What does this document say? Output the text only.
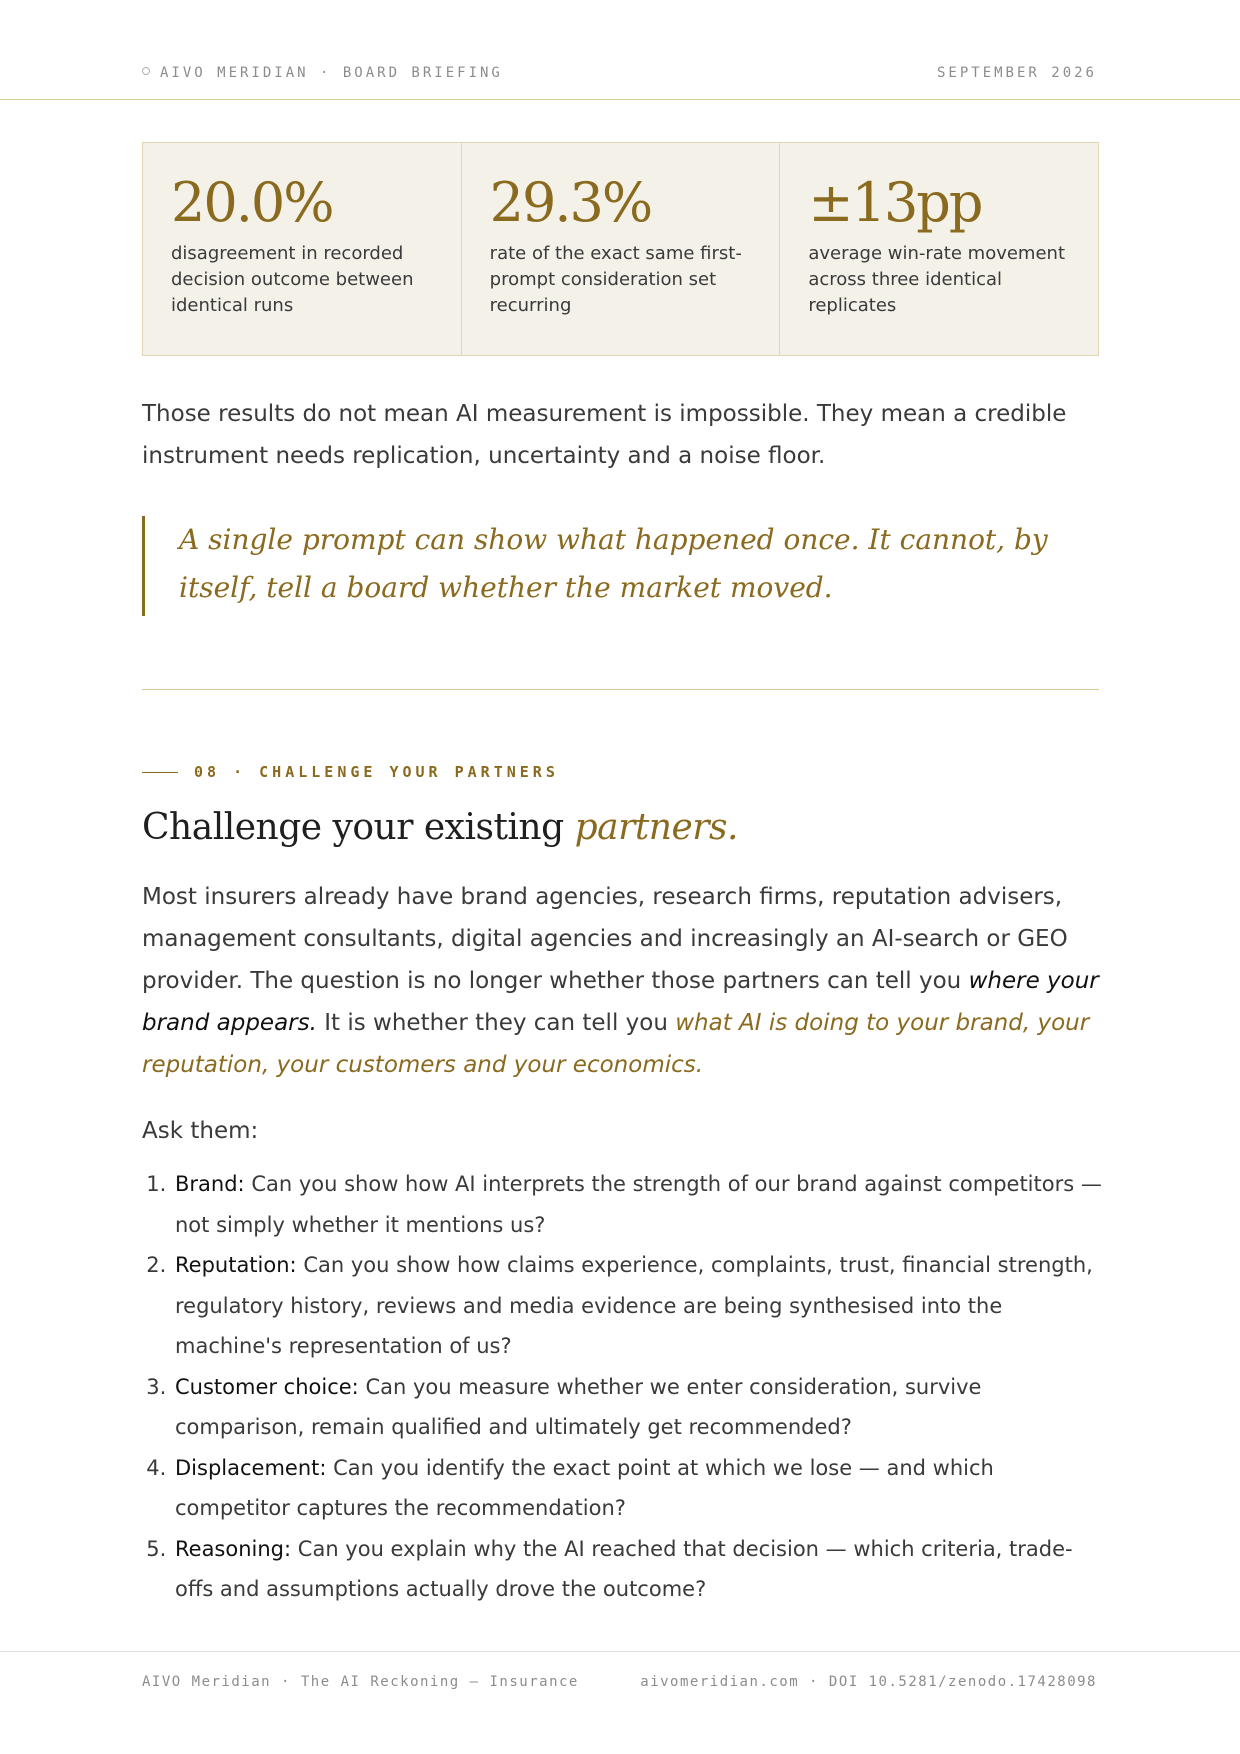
AIVO MERIDIAN · BOARD BRIEFING	SEPTEMBER 2026
20.0%
disagreement in recorded decision outcome between identical runs
29.3%
rate of the exact same first-prompt consideration set recurring
±13pp
average win-rate movement across three identical replicates

Those results do not mean AI measurement is impossible. They mean a credible instrument needs replication, uncertainty and a noise floor.

A single prompt can show what happened once. It cannot, by itself, tell a board whether the market moved.

08 · CHALLENGE YOUR PARTNERS
Challenge your existing partners.

Most insurers already have brand agencies, research firms, reputation advisers, management consultants, digital agencies and increasingly an AI-search or GEO provider. The question is no longer whether those partners can tell you where your brand appears. It is whether they can tell you what AI is doing to your brand, your reputation, your customers and your economics.

Ask them:
1. Brand: Can you show how AI interprets the strength of our brand against competitors — not simply whether it mentions us?
2. Reputation: Can you show how claims experience, complaints, trust, financial strength, regulatory history, reviews and media evidence are being synthesised into the machine's representation of us?
3. Customer choice: Can you measure whether we enter consideration, survive comparison, remain qualified and ultimately get recommended?
4. Displacement: Can you identify the exact point at which we lose — and which competitor captures the recommendation?
5. Reasoning: Can you explain why the AI reached that decision — which criteria, trade-offs and assumptions actually drove the outcome?
AIVO Meridian · The AI Reckoning — Insurance	aivomeridian.com · DOI 10.5281/zenodo.17428098
